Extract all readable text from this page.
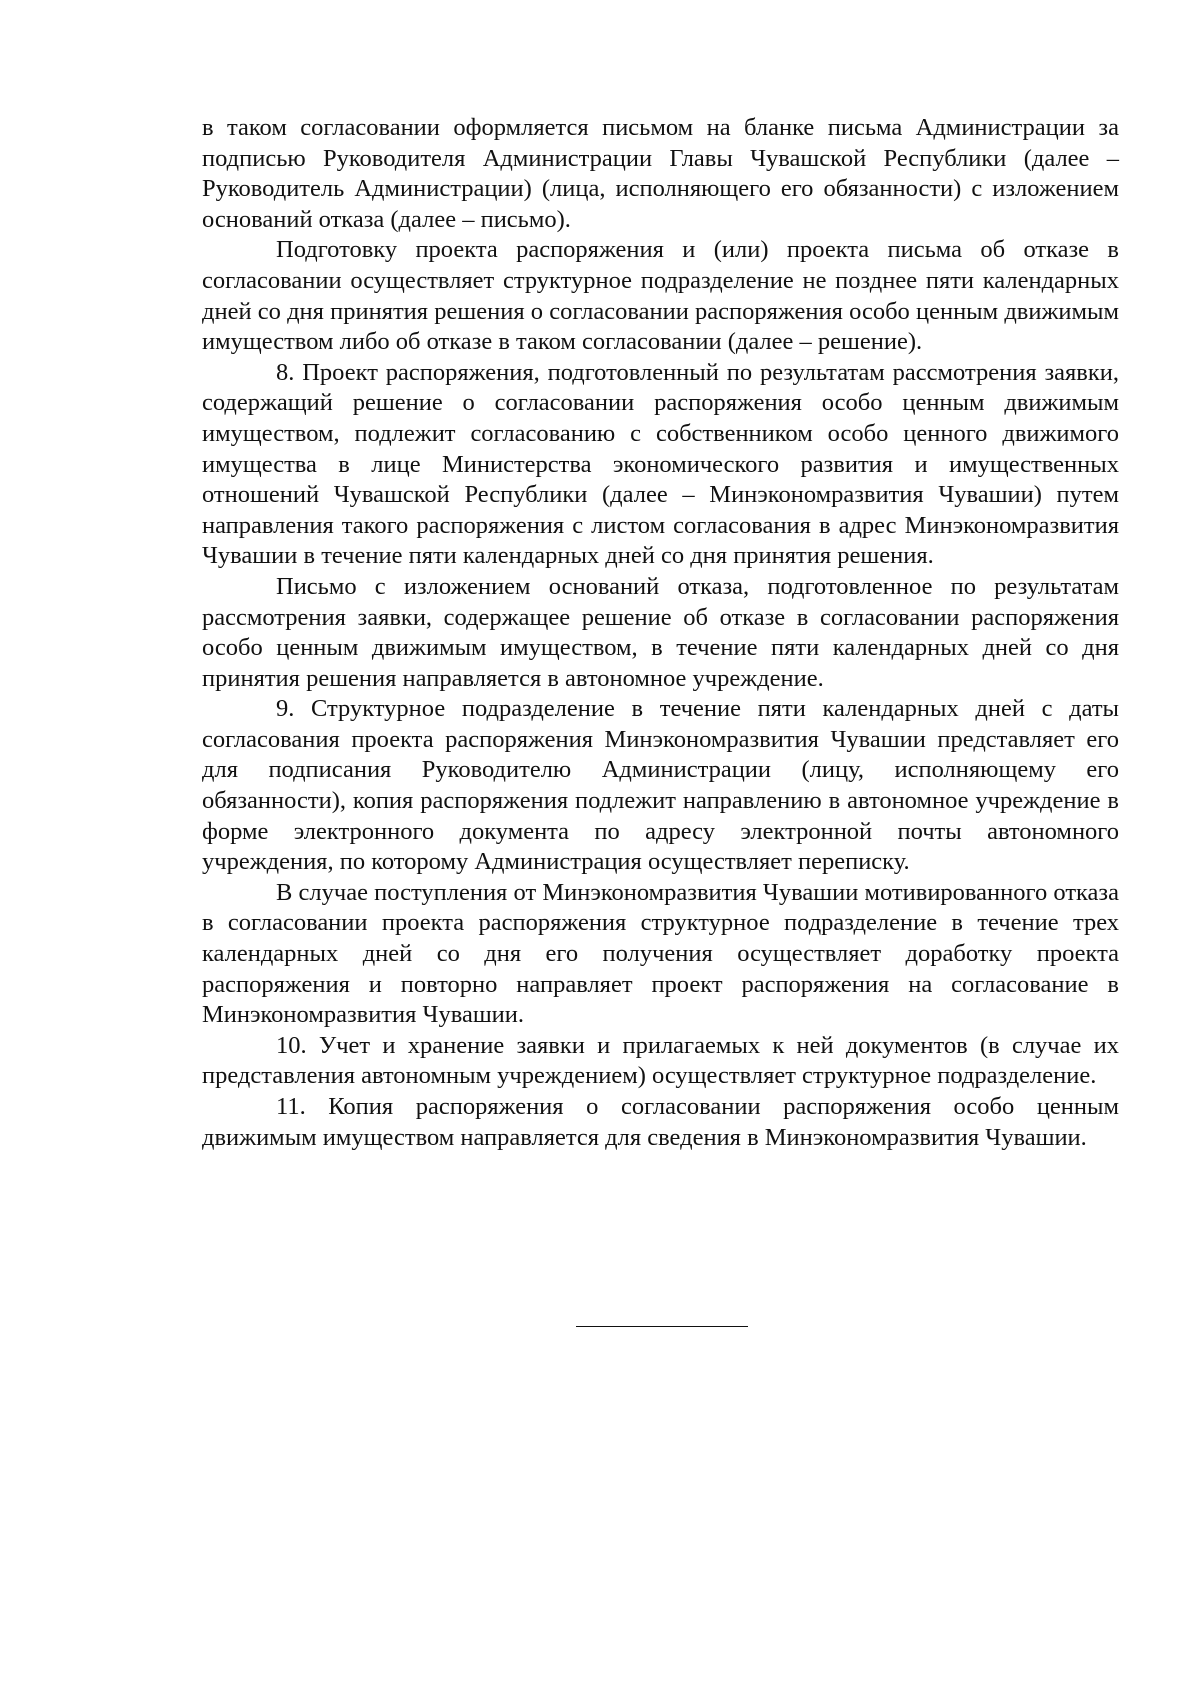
в таком согласовании оформляется письмом на бланке письма Администрации за подписью Руководителя Администрации Главы Чувашской Республики (далее – Руководитель Администрации) (лица, исполняющего его обязанности) с изложением оснований отказа (далее – письмо).

Подготовку проекта распоряжения и (или) проекта письма об отказе в согласовании осуществляет структурное подразделение не позднее пяти календарных дней со дня принятия решения о согласовании распоряжения особо ценным движимым имуществом либо об отказе в таком согласовании (далее – решение).

8. Проект распоряжения, подготовленный по результатам рассмотрения заявки, содержащий решение о согласовании распоряжения особо ценным движимым имуществом, подлежит согласованию с собственником особо ценного движимого имущества в лице Министерства экономического развития и имущественных отношений Чувашской Республики (далее – Минэкономразвития Чувашии) путем направления такого распоряжения с листом согласования в адрес Минэкономразвития Чувашии в течение пяти календарных дней со дня принятия решения.

Письмо с изложением оснований отказа, подготовленное по результатам рассмотрения заявки, содержащее решение об отказе в согласовании распоряжения особо ценным движимым имуществом, в течение пяти календарных дней со дня принятия решения направляется в автономное учреждение.

9. Структурное подразделение в течение пяти календарных дней с даты согласования проекта распоряжения Минэкономразвития Чувашии представляет его для подписания Руководителю Администрации (лицу, исполняющему его обязанности), копия распоряжения подлежит направлению в автономное учреждение в форме электронного документа по адресу электронной почты автономного учреждения, по которому Администрация осуществляет переписку.

В случае поступления от Минэкономразвития Чувашии мотивированного отказа в согласовании проекта распоряжения структурное подразделение в течение трех календарных дней со дня его получения осуществляет доработку проекта распоряжения и повторно направляет проект распоряжения на согласование в Минэкономразвития Чувашии.

10. Учет и хранение заявки и прилагаемых к ней документов (в случае их представления автономным учреждением) осуществляет структурное подразделение.

11. Копия распоряжения о согласовании распоряжения особо ценным движимым имуществом направляется для сведения в Минэкономразвития Чувашии.
